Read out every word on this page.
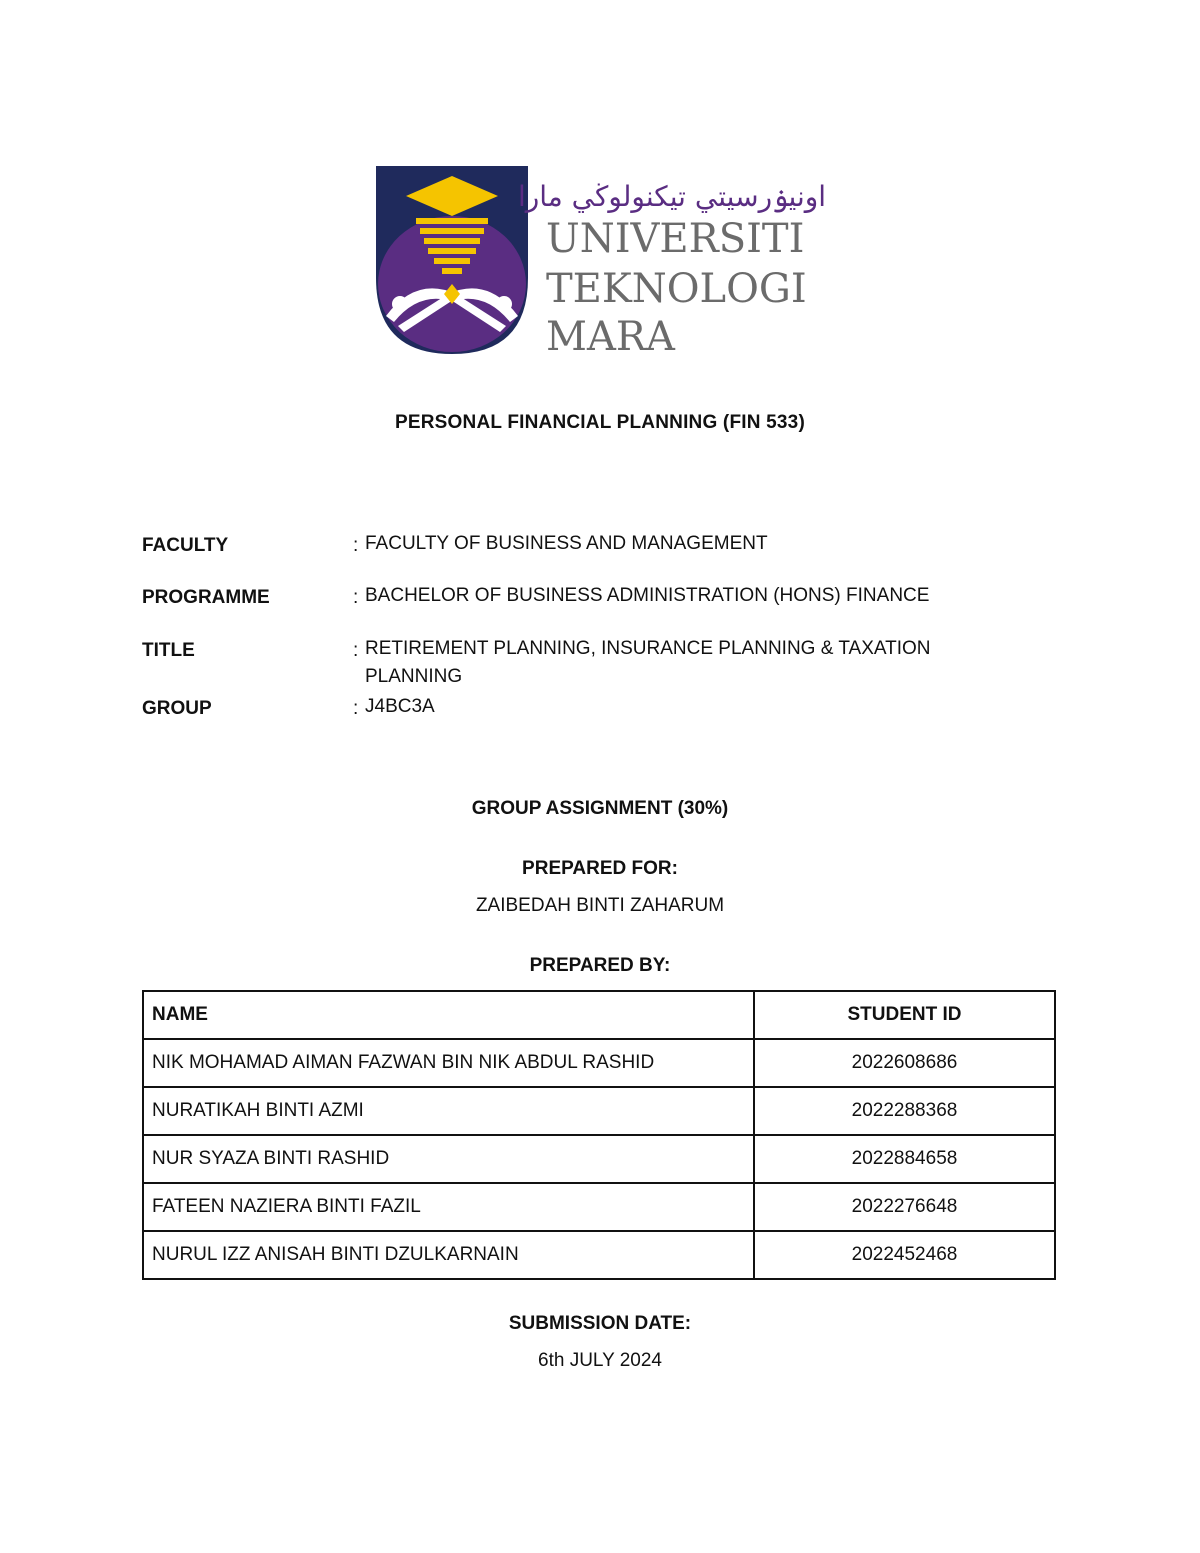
اونيۏرسيتي تيكنولوڬي مارا
UNIVERSITI
TEKNOLOGI
MARA
PERSONAL FINANCIAL PLANNING (FIN 533)
FACULTY	: FACULTY OF BUSINESS AND MANAGEMENT
PROGRAMME	: BACHELOR OF BUSINESS ADMINISTRATION (HONS) FINANCE
TITLE	: RETIREMENT PLANNING, INSURANCE PLANNING & TAXATION PLANNING
GROUP	: J4BC3A
GROUP ASSIGNMENT (30%)
PREPARED FOR:
ZAIBEDAH BINTI ZAHARUM
PREPARED BY:
NAME	STUDENT ID
NIK MOHAMAD AIMAN FAZWAN BIN NIK ABDUL RASHID	2022608686
NURATIKAH BINTI AZMI	2022288368
NUR SYAZA BINTI RASHID	2022884658
FATEEN NAZIERA BINTI FAZIL	2022276648
NURUL IZZ ANISAH BINTI DZULKARNAIN	2022452468
SUBMISSION DATE:
6th JULY 2024
